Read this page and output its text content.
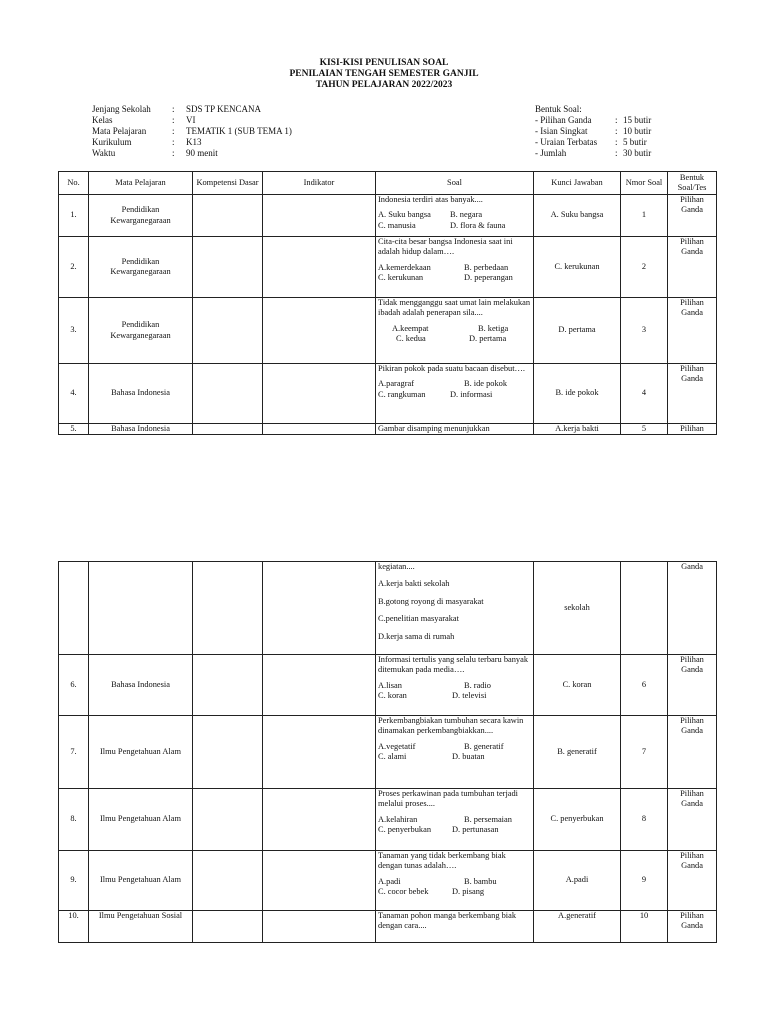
KISI-KISI PENULISAN SOAL
PENILAIAN TENGAH SEMESTER GANJIL
TAHUN PELAJARAN 2022/2023
Jenjang Sekolah	:	SDS TP KENCANA
Kelas	:	VI
Mata Pelajaran	:	TEMATIK 1 (SUB TEMA 1)
Kurikulum	:	K13
Waktu	:	90 menit
Bentuk Soal:
- Pilihan Ganda	: 15 butir
- Isian Singkat	: 10 butir
- Uraian Terbatas	: 5 butir
- Jumlah	: 30 butir
No.	Mata Pelajaran	Kompetensi Dasar	Indikator	Soal	Kunci Jawaban	Nmor Soal	Bentuk Soal/Tes
1.	Pendidikan Kewarganegaraan			Indonesia terdiri atas banyak....
A. Suku bangsa B. negara
C. manusia D. flora & fauna	A. Suku bangsa	1	Pilihan Ganda
2.	Pendidikan Kewarganegaraan			Cita-cita besar bangsa Indonesia saat ini adalah hidup dalam….
A.kemerdekaan B. perbedaan
C. kerukunan D. peperangan	C. kerukunan	2	Pilihan Ganda
3.	Pendidikan Kewarganegaraan			Tidak mengganggu saat umat lain melakukan ibadah adalah penerapan sila....
A.keempat B. ketiga
C. kedua D. pertama	D. pertama	3	Pilihan Ganda
4.	Bahasa Indonesia			Pikiran pokok pada suatu bacaan disebut….
A.paragraf B. ide pokok
C. rangkuman D. informasi	B. ide pokok	4	Pilihan Ganda
5.	Bahasa Indonesia			Gambar disamping menunjukkan	A.kerja bakti	5	Pilihan

				kegiatan....
A.kerja bakti sekolah
B.gotong royong di masyarakat
C.penelitian masyarakat
D.kerja sama di rumah	sekolah		Ganda
6.	Bahasa Indonesia			Informasi tertulis yang selalu terbaru banyak ditemukan pada media….
A.lisan B. radio
C. koran D. televisi	C. koran	6	Pilihan Ganda
7.	Ilmu Pengetahuan Alam			Perkembangbiakan tumbuhan secara kawin dinamakan perkembangbiakkan....
A.vegetatif B. generatif
C. alami D. buatan	B. generatif	7	Pilihan Ganda
8.	Ilmu Pengetahuan Alam			Proses perkawinan pada tumbuhan terjadi melalui proses....
A.kelahiran B. persemaian
C. penyerbukan D. pertunasan	C. penyerbukan	8	Pilihan Ganda
9.	Ilmu Pengetahuan Alam			Tanaman yang tidak berkembang biak dengan tunas adalah….
A.padi B. bambu
C. cocor bebek D. pisang	A.padi	9	Pilihan Ganda
10.	Ilmu Pengetahuan Sosial			Tanaman pohon manga berkembang biak dengan cara....	A.generatif	10	Pilihan Ganda
